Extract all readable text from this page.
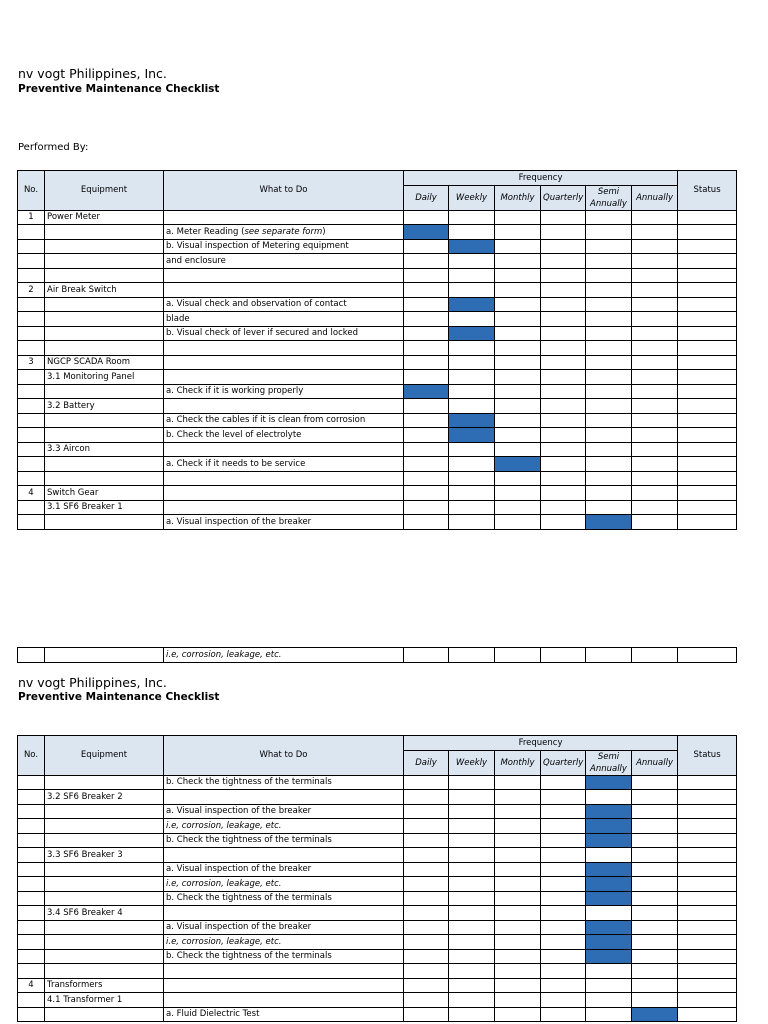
nv vogt Philippines, Inc.
Preventive Maintenance Checklist
Performed By:
No.	Equipment	What to Do	Frequency						Status
			Daily	Weekly	Monthly	Quarterly	Semi Annually	Annually	
1	Power Meter								
		a. Meter Reading (see separate form)							
		b. Visual inspection of Metering equipment							
		and enclosure							

2	Air Break Switch								
		a. Visual check and observation of contact							
		blade							
		b. Visual check of lever if secured and locked							

3	NGCP SCADA Room								
	3.1 Monitoring Panel								
		a. Check if it is working properly							
	3.2 Battery								
		a. Check the cables if it is clean from corrosion							
		b. Check the level of electrolyte							
	3.3 Aircon								
		a. Check if it needs to be service							

4	Switch Gear								
	3.1 SF6 Breaker 1								
		a. Visual inspection of the breaker							
		i.e, corrosion, leakage, etc.							
nv vogt Philippines, Inc.
Preventive Maintenance Checklist
No.	Equipment	What to Do	Frequency						Status
			Daily	Weekly	Monthly	Quarterly	Semi Annually	Annually	
		b. Check the tightness of the terminals							
	3.2 SF6 Breaker 2								
		a. Visual inspection of the breaker							
		i.e, corrosion, leakage, etc.							
		b. Check the tightness of the terminals							
	3.3 SF6 Breaker 3								
		a. Visual inspection of the breaker							
		i.e, corrosion, leakage, etc.							
		b. Check the tightness of the terminals							
	3.4 SF6 Breaker 4								
		a. Visual inspection of the breaker							
		i.e, corrosion, leakage, etc.							
		b. Check the tightness of the terminals							

4	Transformers								
	4.1 Transformer 1								
		a. Fluid Dielectric Test							
